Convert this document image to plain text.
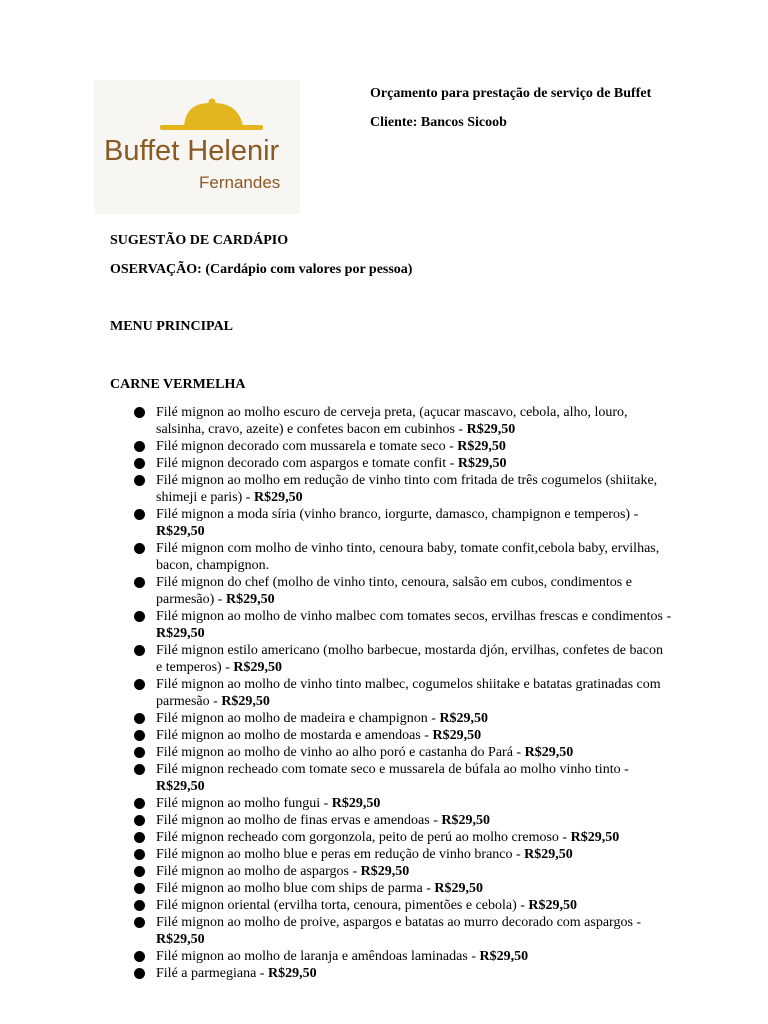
Buffet Helenir
Fernandes
Orçamento para prestação de serviço de Buffet
Cliente: Bancos Sicoob
SUGESTÃO DE CARDÁPIO
OSERVAÇÃO: (Cardápio com valores por pessoa)
MENU PRINCIPAL
CARNE VERMELHA
Filé mignon ao molho escuro de cerveja preta, (açucar mascavo, cebola, alho, louro, salsinha, cravo, azeite) e confetes bacon em cubinhos - R$29,50
Filé mignon decorado com mussarela e tomate seco - R$29,50
Filé mignon decorado com aspargos e tomate confit - R$29,50
Filé mignon ao molho em redução de vinho tinto com fritada de três cogumelos (shiitake, shimeji e paris) - R$29,50
Filé mignon a moda síria (vinho branco, iorgurte, damasco, champignon e temperos) - R$29,50
Filé mignon com molho de vinho tinto, cenoura baby, tomate confit,cebola baby, ervilhas, bacon, champignon.
Filé mignon do chef (molho de vinho tinto, cenoura, salsão em cubos, condimentos e parmesão) - R$29,50
Filé mignon ao molho de vinho malbec com tomates secos, ervilhas frescas e condimentos - R$29,50
Filé mignon estilo americano (molho barbecue, mostarda djón, ervilhas, confetes de bacon e temperos) - R$29,50
Filé mignon ao molho de vinho tinto malbec, cogumelos shiitake e batatas gratinadas com parmesão - R$29,50
Filé mignon ao molho de madeira e champignon - R$29,50
Filé mignon ao molho de mostarda e amendoas - R$29,50
Filé mignon ao molho de vinho ao alho poró e castanha do Pará - R$29,50
Filé mignon recheado com tomate seco e mussarela de búfala ao molho vinho tinto - R$29,50
Filé mignon ao molho fungui - R$29,50
Filé mignon ao molho de finas ervas e amendoas - R$29,50
Filé mignon recheado com gorgonzola, peito de perú ao molho cremoso - R$29,50
Filé mignon ao molho blue e peras em redução de vinho branco - R$29,50
Filé mignon ao molho de aspargos - R$29,50
Filé mignon ao molho blue com ships de parma - R$29,50
Filé mignon oriental (ervilha torta, cenoura, pimentões e cebola) - R$29,50
Filé mignon ao molho de proive, aspargos e batatas ao murro decorado com aspargos - R$29,50
Filé mignon ao molho de laranja e amêndoas laminadas - R$29,50
Filé a parmegiana - R$29,50
